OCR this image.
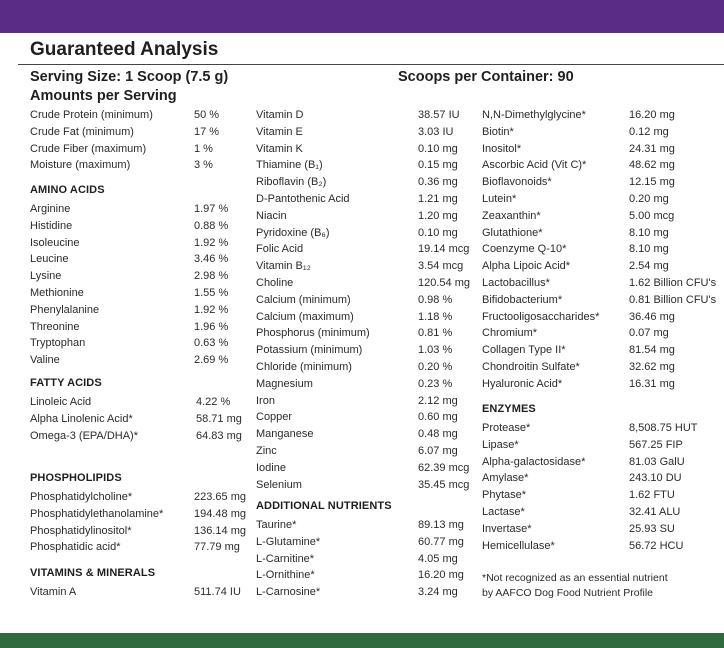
Guaranteed Analysis
Serving Size: 1 Scoop (7.5 g)	Scoops per Container: 90
Amounts per Serving
Crude Protein (minimum)	50 %
Crude Fat (minimum)	17 %
Crude Fiber (maximum)	1 %
Moisture (maximum)	3 %
AMINO ACIDS
Arginine	1.97 %
Histidine	0.88 %
Isoleucine	1.92 %
Leucine	3.46 %
Lysine	2.98 %
Methionine	1.55 %
Phenylalanine	1.92 %
Threonine	1.96 %
Tryptophan	0.63 %
Valine	2.69 %
FATTY ACIDS
Linoleic Acid	4.22 %
Alpha Linolenic Acid*	58.71 mg
Omega-3 (EPA/DHA)*	64.83 mg
PHOSPHOLIPIDS
Phosphatidylcholine*	223.65 mg
Phosphatidylethanolamine*	194.48 mg
Phosphatidylinositol*	136.14 mg
Phosphatidic acid*	77.79 mg
VITAMINS & MINERALS
Vitamin A	511.74 IU
Vitamin D	38.57 IU
Vitamin E	3.03 IU
Vitamin K	0.10 mg
Thiamine (B₁)	0.15 mg
Riboflavin (B₂)	0.36 mg
D-Pantothenic Acid	1.21 mg
Niacin	1.20 mg
Pyridoxine (B₆)	0.10 mg
Folic Acid	19.14 mcg
Vitamin B₁₂	3.54 mcg
Choline	120.54 mg
Calcium (minimum)	0.98 %
Calcium (maximum)	1.18 %
Phosphorus (minimum)	0.81 %
Potassium (minimum)	1.03 %
Chloride (minimum)	0.20 %
Magnesium	0.23 %
Iron	2.12 mg
Copper	0.60 mg
Manganese	0.48 mg
Zinc	6.07 mg
Iodine	62.39 mcg
Selenium	35.45 mcg
ADDITIONAL NUTRIENTS
Taurine*	89.13 mg
L-Glutamine*	60.77 mg
L-Carnitine*	4.05 mg
L-Ornithine*	16.20 mg
L-Carnosine*	3.24 mg
N,N-Dimethylglycine*	16.20 mg
Biotin*	0.12 mg
Inositol*	24.31 mg
Ascorbic Acid (Vit C)*	48.62 mg
Bioflavonoids*	12.15 mg
Lutein*	0.20 mg
Zeaxanthin*	5.00 mcg
Glutathione*	8.10 mg
Coenzyme Q-10*	8.10 mg
Alpha Lipoic Acid*	2.54 mg
Lactobacillus*	1.62 Billion CFU's
Bifidobacterium*	0.81 Billion CFU's
Fructooligosaccharides*	36.46 mg
Chromium*	0.07 mg
Collagen Type II*	81.54 mg
Chondroitin Sulfate*	32.62 mg
Hyaluronic Acid*	16.31 mg
ENZYMES
Protease*	8,508.75 HUT
Lipase*	567.25 FIP
Alpha-galactosidase*	81.03 GalU
Amylase*	243.10 DU
Phytase*	1.62 FTU
Lactase*	32.41 ALU
Invertase*	25.93 SU
Hemicellulase*	56.72 HCU
*Not recognized as an essential nutrient
by AAFCO Dog Food Nutrient Profile
